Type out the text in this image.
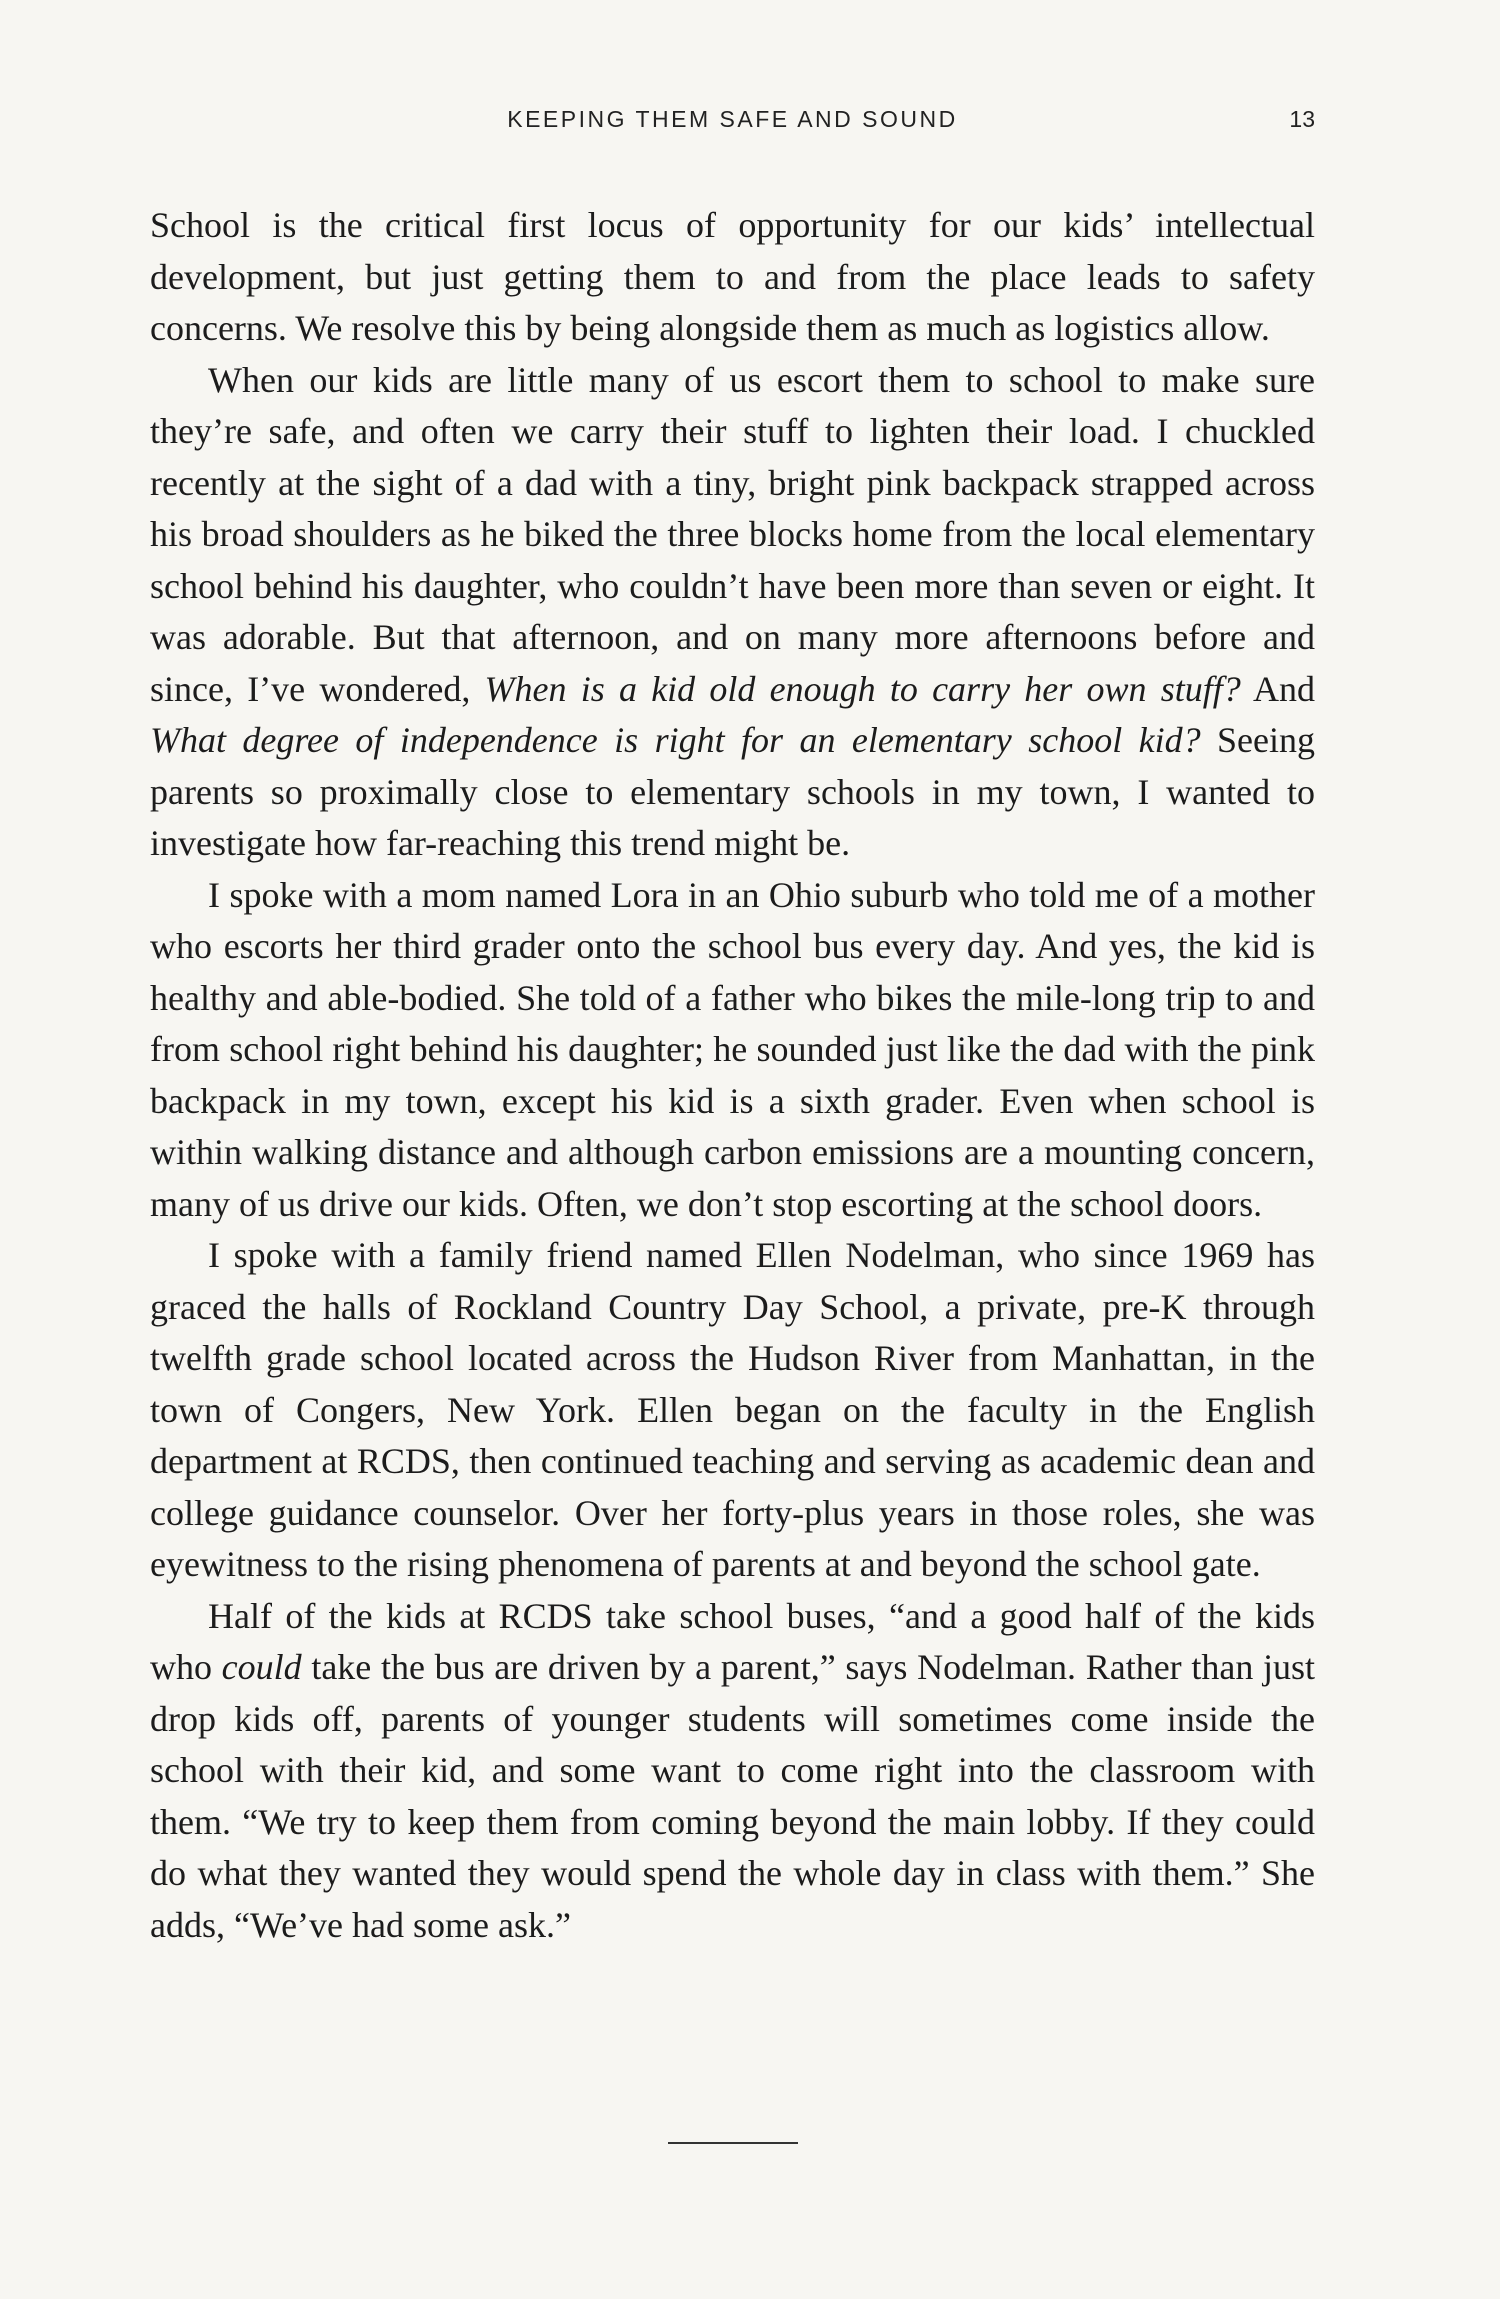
KEEPING THEM SAFE AND SOUND	13

School is the critical first locus of opportunity for our kids’ intellectual development, but just getting them to and from the place leads to safety concerns. We resolve this by being alongside them as much as logistics allow.

When our kids are little many of us escort them to school to make sure they’re safe, and often we carry their stuff to lighten their load. I chuckled recently at the sight of a dad with a tiny, bright pink backpack strapped across his broad shoulders as he biked the three blocks home from the local elementary school behind his daughter, who couldn’t have been more than seven or eight. It was adorable. But that afternoon, and on many more afternoons before and since, I’ve wondered, When is a kid old enough to carry her own stuff? And What degree of independence is right for an elementary school kid? Seeing parents so proximally close to elementary schools in my town, I wanted to investigate how far-reaching this trend might be.

I spoke with a mom named Lora in an Ohio suburb who told me of a mother who escorts her third grader onto the school bus every day. And yes, the kid is healthy and able-bodied. She told of a father who bikes the mile-long trip to and from school right behind his daughter; he sounded just like the dad with the pink backpack in my town, except his kid is a sixth grader. Even when school is within walking distance and although carbon emissions are a mounting concern, many of us drive our kids. Often, we don’t stop escorting at the school doors.

I spoke with a family friend named Ellen Nodelman, who since 1969 has graced the halls of Rockland Country Day School, a private, pre-K through twelfth grade school located across the Hudson River from Manhattan, in the town of Congers, New York. Ellen began on the faculty in the English department at RCDS, then continued teaching and serving as academic dean and college guidance counselor. Over her forty-plus years in those roles, she was eyewitness to the rising phenomena of parents at and beyond the school gate.

Half of the kids at RCDS take school buses, “and a good half of the kids who could take the bus are driven by a parent,” says Nodelman. Rather than just drop kids off, parents of younger students will sometimes come inside the school with their kid, and some want to come right into the classroom with them. “We try to keep them from coming beyond the main lobby. If they could do what they wanted they would spend the whole day in class with them.” She adds, “We’ve had some ask.”
